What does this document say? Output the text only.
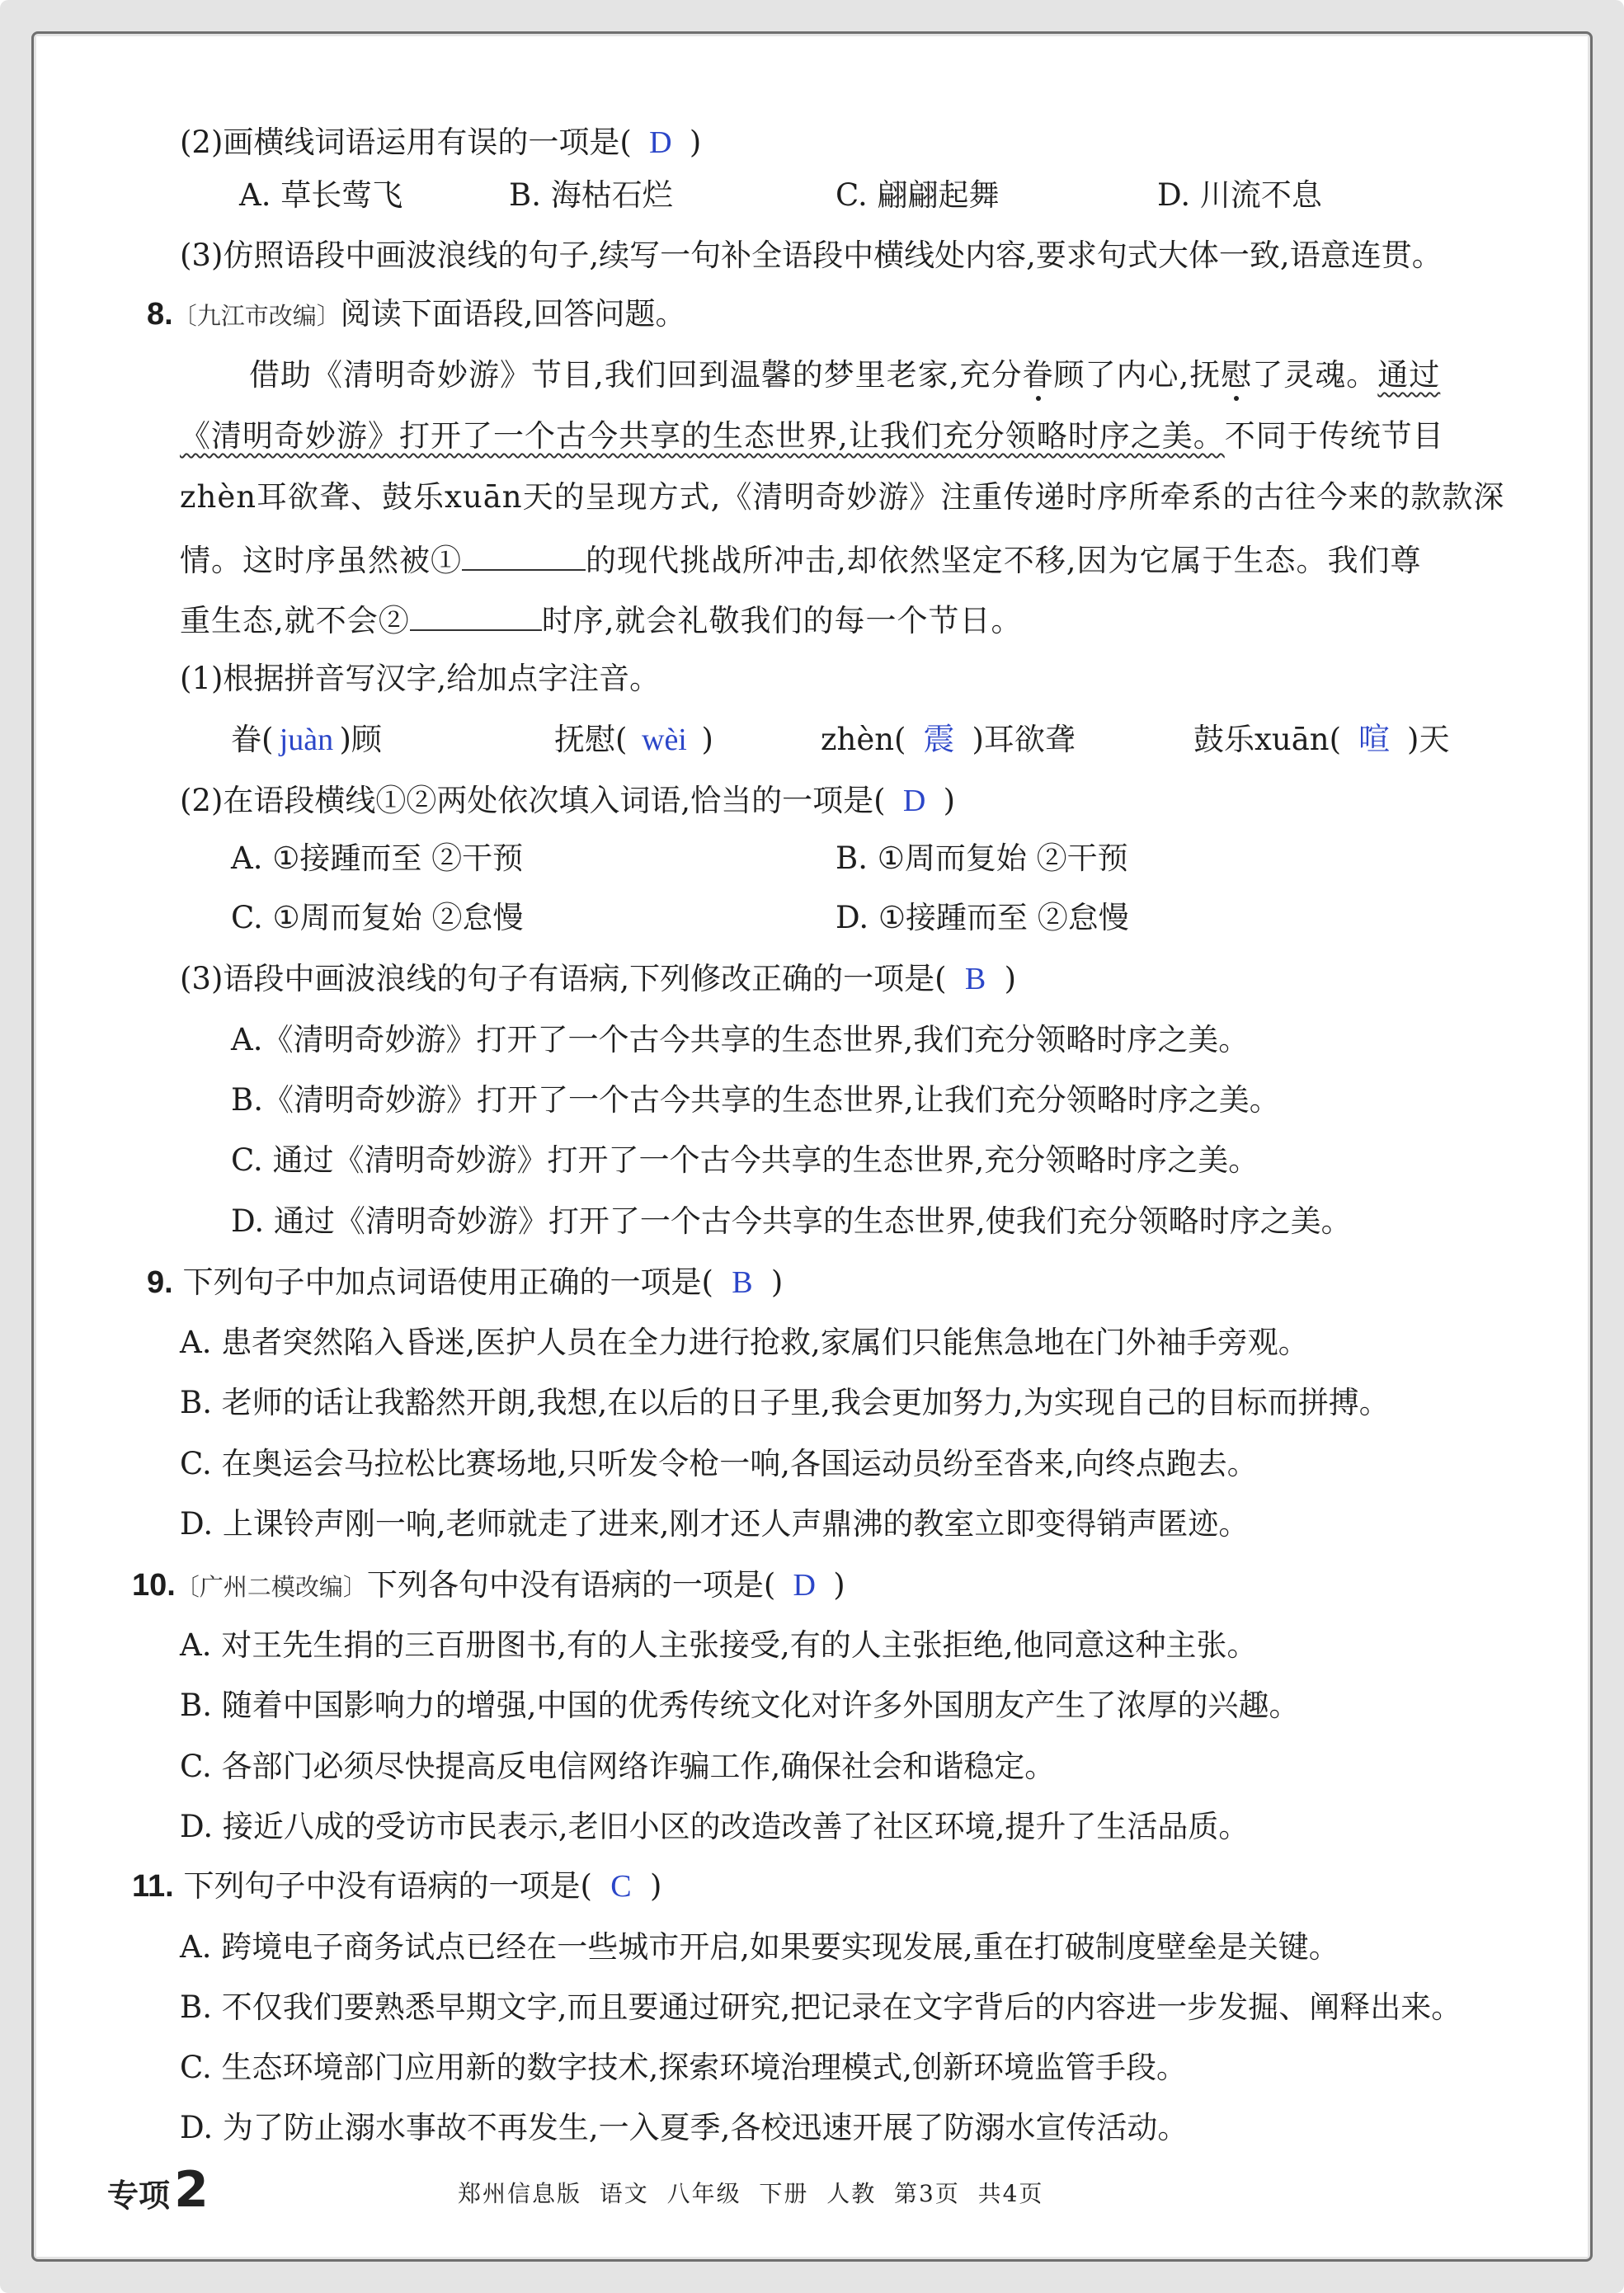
(2)画横线词语运用有误的一项是( D )
A. 草长莺飞	B. 海枯石烂	C. 翩翩起舞	D. 川流不息
(3)仿照语段中画波浪线的句子,续写一句补全语段中横线处内容,要求句式大体一致,语意连贯。
8.〔九江市改编〕阅读下面语段,回答问题。
借助《清明奇妙游》节目,我们回到温馨的梦里老家,充分眷顾了内心,抚慰了灵魂。通过
《清明奇妙游》打开了一个古今共享的生态世界,让我们充分领略时序之美。不同于传统节目
zhèn耳欲聋、鼓乐xuān天的呈现方式,《清明奇妙游》注重传递时序所牵系的古往今来的款款深
情。这时序虽然被①	的现代挑战所冲击,却依然坚定不移,因为它属于生态。我们尊
重生态,就不会②	时序,就会礼敬我们的每一个节日。
(1)根据拼音写汉字,给加点字注音。
眷( juàn )顾	抚慰( wèi )	zhèn( 震 )耳欲聋	鼓乐xuān( 喧 )天
(2)在语段横线①②两处依次填入词语,恰当的一项是( D )
A. ①接踵而至 ②干预	B. ①周而复始 ②干预
C. ①周而复始 ②怠慢	D. ①接踵而至 ②怠慢
(3)语段中画波浪线的句子有语病,下列修改正确的一项是( B )
A.《清明奇妙游》打开了一个古今共享的生态世界,我们充分领略时序之美。
B.《清明奇妙游》打开了一个古今共享的生态世界,让我们充分领略时序之美。
C. 通过《清明奇妙游》打开了一个古今共享的生态世界,充分领略时序之美。
D. 通过《清明奇妙游》打开了一个古今共享的生态世界,使我们充分领略时序之美。
9. 下列句子中加点词语使用正确的一项是( B )
A. 患者突然陷入昏迷,医护人员在全力进行抢救,家属们只能焦急地在门外袖手旁观。
B. 老师的话让我豁然开朗,我想,在以后的日子里,我会更加努力,为实现自己的目标而拼搏。
C. 在奥运会马拉松比赛场地,只听发令枪一响,各国运动员纷至沓来,向终点跑去。
D. 上课铃声刚一响,老师就走了进来,刚才还人声鼎沸的教室立即变得销声匿迹。
10.〔广州二模改编〕下列各句中没有语病的一项是( D )
A. 对王先生捐的三百册图书,有的人主张接受,有的人主张拒绝,他同意这种主张。
B. 随着中国影响力的增强,中国的优秀传统文化对许多外国朋友产生了浓厚的兴趣。
C. 各部门必须尽快提高反电信网络诈骗工作,确保社会和谐稳定。
D. 接近八成的受访市民表示,老旧小区的改造改善了社区环境,提升了生活品质。
11. 下列句子中没有语病的一项是( C )
A. 跨境电子商务试点已经在一些城市开启,如果要实现发展,重在打破制度壁垒是关键。
B. 不仅我们要熟悉早期文字,而且要通过研究,把记录在文字背后的内容进一步发掘、阐释出来。
C. 生态环境部门应用新的数字技术,探索环境治理模式,创新环境监管手段。
D. 为了防止溺水事故不再发生,一入夏季,各校迅速开展了防溺水宣传活动。
专项 2	郑州信息版  语文  八年级  下册  人教  第3页  共4页
